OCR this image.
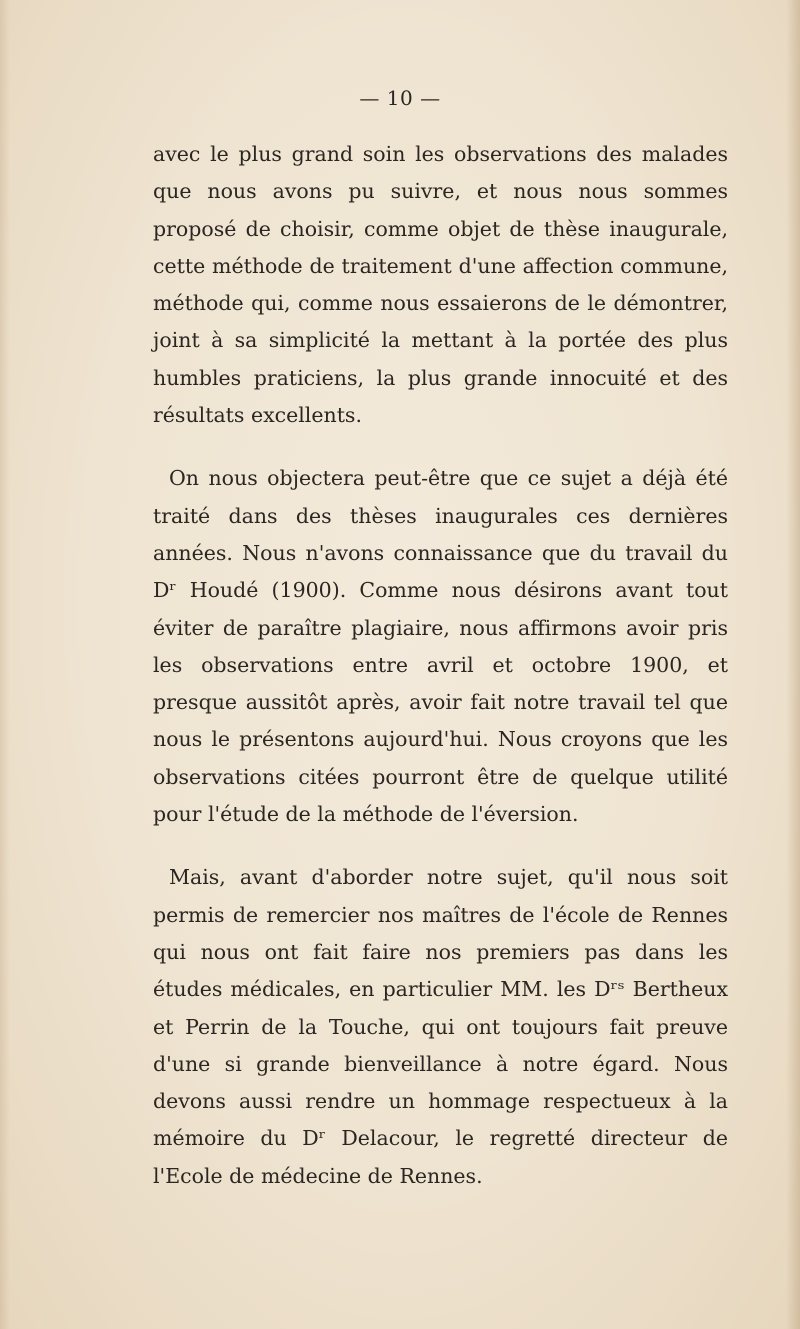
— 10 —

avec le plus grand soin les observations des malades que nous avons pu suivre, et nous nous sommes proposé de choisir, comme objet de thèse inaugurale, cette méthode de traitement d'une affection commune, méthode qui, comme nous essaierons de le démontrer, joint à sa simplicité la mettant à la portée des plus humbles praticiens, la plus grande innocuité et des résultats excellents.

On nous objectera peut-être que ce sujet a déjà été traité dans des thèses inaugurales ces dernières années. Nous n'avons connaissance que du travail du Dʳ Houdé (1900). Comme nous désirons avant tout éviter de paraître plagiaire, nous affirmons avoir pris les observations entre avril et octobre 1900, et presque aussitôt après, avoir fait notre travail tel que nous le présentons aujourd'hui. Nous croyons que les observations citées pourront être de quelque utilité pour l'étude de la méthode de l'éversion.

Mais, avant d'aborder notre sujet, qu'il nous soit permis de remercier nos maîtres de l'école de Rennes qui nous ont fait faire nos premiers pas dans les études médicales, en particulier MM. les Dʳˢ Bertheux et Perrin de la Touche, qui ont toujours fait preuve d'une si grande bienveillance à notre égard. Nous devons aussi rendre un hommage respectueux à la mémoire du Dʳ Delacour, le regretté directeur de l'Ecole de médecine de Rennes.
